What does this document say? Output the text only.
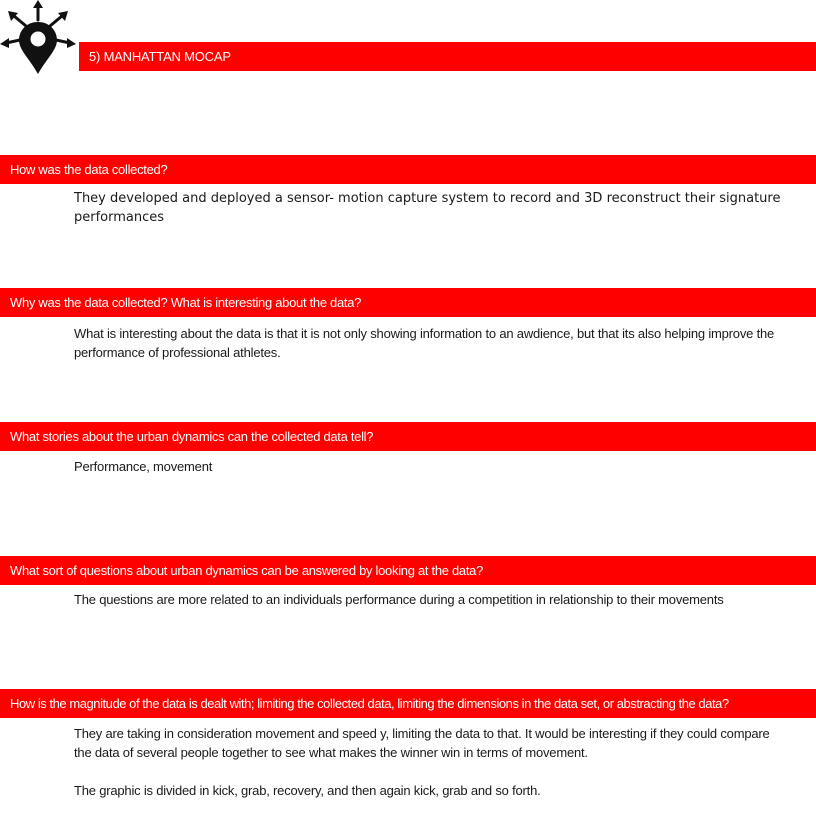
5) MANHATTAN MOCAP
How was the data collected?

They developed and deployed a sensor- motion capture system to record and 3D reconstruct their signature performances

Why was the data collected? What is interesting about the data?

What is interesting about the data is that it is not only showing information to an awdience, but that its also helping improve the performance of professional athletes.

What stories about the urban dynamics can the collected data tell?

Performance, movement

What sort of questions about urban dynamics can be answered by looking at the data?

The questions are more related to an individuals performance during a competition in relationship to their movements

How is the magnitude of the data is dealt with; limiting the collected data, limiting the dimensions in the data set, or abstracting the data?

They are taking in consideration movement and speed y, limiting the data to that. It would be interesting if they could compare the data of several people together to see what makes the winner win in terms of movement.

The graphic is divided in kick, grab, recovery, and then again kick, grab and so forth.
